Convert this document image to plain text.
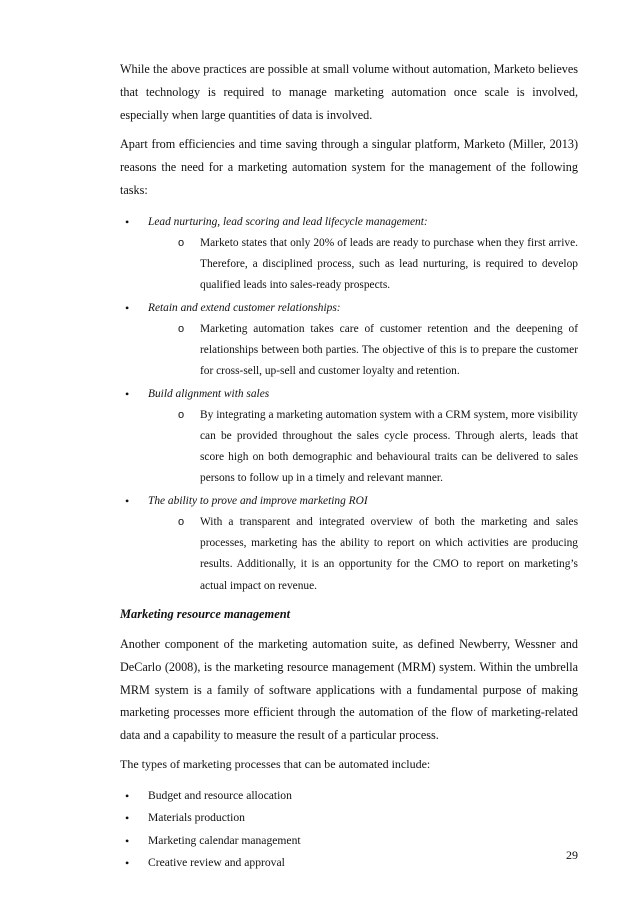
While the above practices are possible at small volume without automation, Marketo believes that technology is required to manage marketing automation once scale is involved, especially when large quantities of data is involved.

Apart from efficiencies and time saving through a singular platform, Marketo (Miller, 2013) reasons the need for a marketing automation system for the management of the following tasks:

• Lead nurturing, lead scoring and lead lifecycle management:
o Marketo states that only 20% of leads are ready to purchase when they first arrive. Therefore, a disciplined process, such as lead nurturing, is required to develop qualified leads into sales-ready prospects.

• Retain and extend customer relationships:
o Marketing automation takes care of customer retention and the deepening of relationships between both parties. The objective of this is to prepare the customer for cross-sell, up-sell and customer loyalty and retention.

• Build alignment with sales
o By integrating a marketing automation system with a CRM system, more visibility can be provided throughout the sales cycle process. Through alerts, leads that score high on both demographic and behavioural traits can be delivered to sales persons to follow up in a timely and relevant manner.

• The ability to prove and improve marketing ROI
o With a transparent and integrated overview of both the marketing and sales processes, marketing has the ability to report on which activities are producing results. Additionally, it is an opportunity for the CMO to report on marketing’s actual impact on revenue.

Marketing resource management

Another component of the marketing automation suite, as defined Newberry, Wessner and DeCarlo (2008), is the marketing resource management (MRM) system. Within the umbrella MRM system is a family of software applications with a fundamental purpose of making marketing processes more efficient through the automation of the flow of marketing-related data and a capability to measure the result of a particular process.

The types of marketing processes that can be automated include:

• Budget and resource allocation
• Materials production
• Marketing calendar management
• Creative review and approval
29
